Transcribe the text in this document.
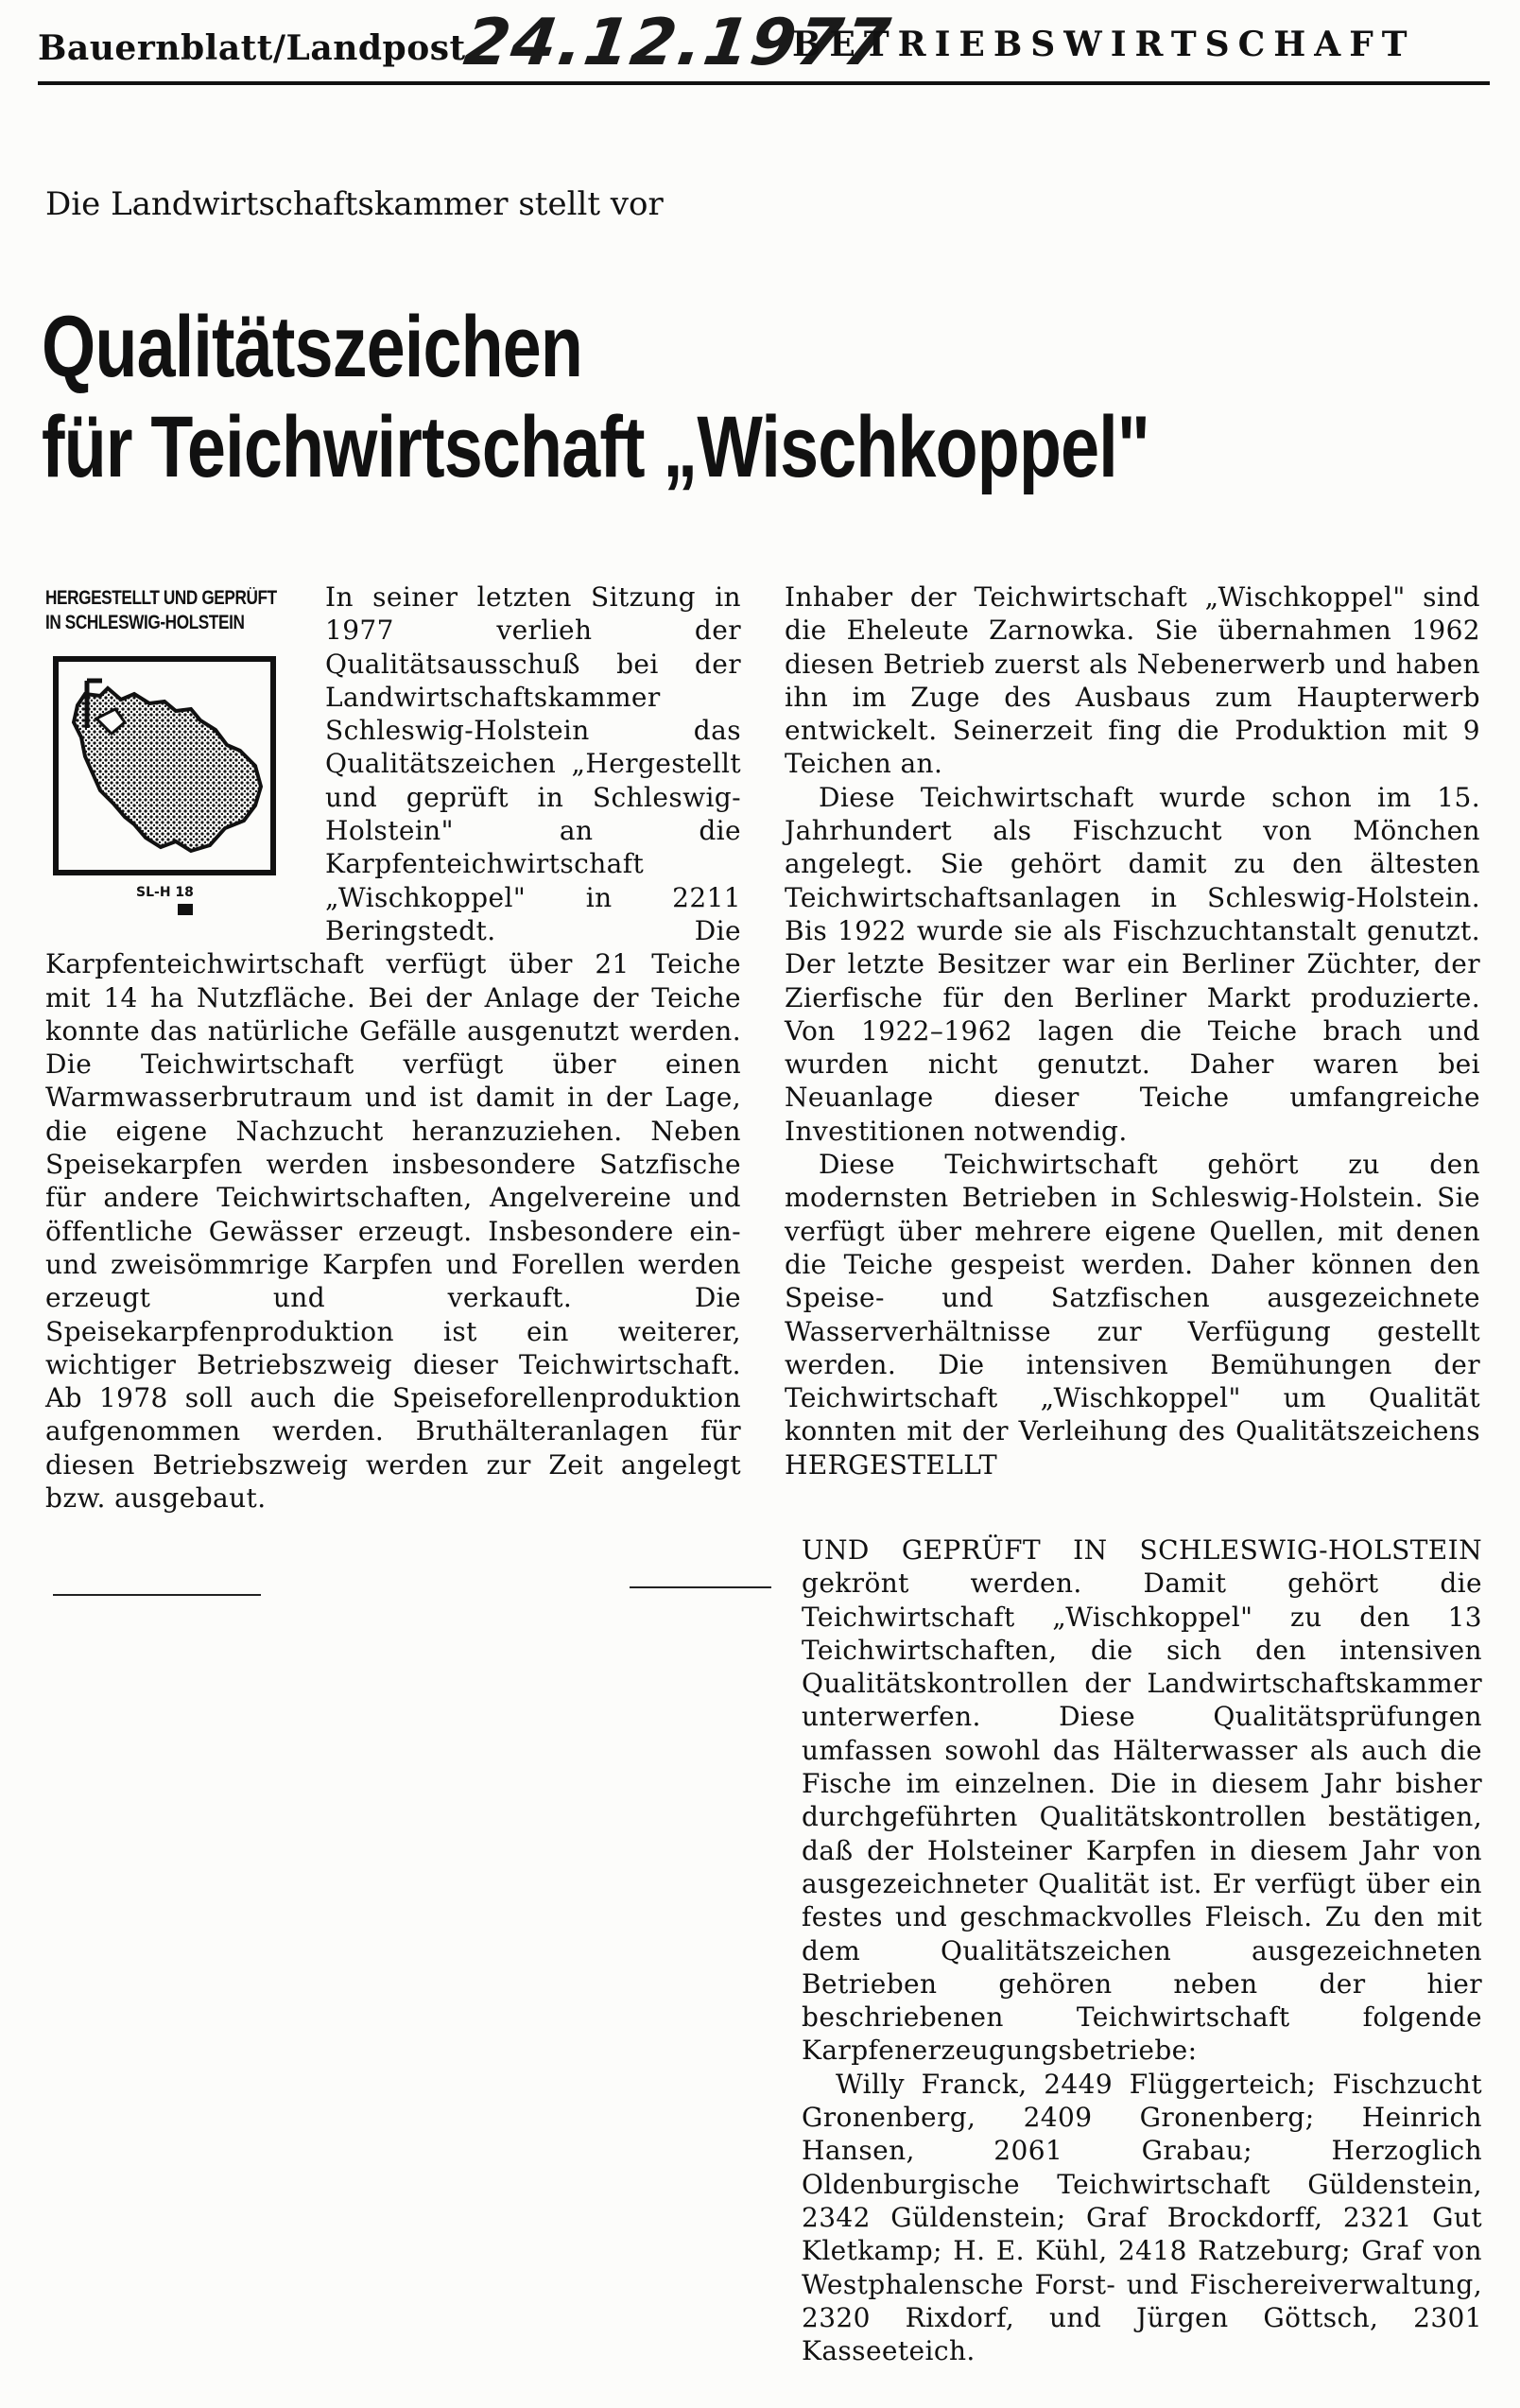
Bauernblatt/Landpost
24.12.1977
BETRIEBSWIRTSCHAFT
Die Landwirtschaftskammer stellt vor
Qualitätszeichen
für Teichwirtschaft „Wischkoppel"
HERGESTELLT UND GEPRÜFT
IN SCHLESWIG-HOLSTEIN
SL-H 18

In seiner letzten Sitzung in 1977 verlieh der Qualitätsausschuß bei der Landwirtschaftskammer Schleswig-Holstein das Qualitätszeichen „Hergestellt und geprüft in Schleswig-Holstein" an die Karpfenteichwirtschaft „Wischkoppel" in 2211 Beringstedt. Die Karpfenteichwirtschaft verfügt über 21 Teiche mit 14 ha Nutzfläche. Bei der Anlage der Teiche konnte das natürliche Gefälle ausgenutzt werden. Die Teichwirtschaft verfügt über einen Warmwasserbrutraum und ist damit in der Lage, die eigene Nachzucht heranzuziehen. Neben Speisekarpfen werden insbesondere Satzfische für andere Teichwirtschaften, Angelvereine und öffentliche Gewässer erzeugt. Insbesondere ein- und zweisömmrige Karpfen und Forellen werden erzeugt und verkauft. Die Speisekarpfenproduktion ist ein weiterer, wichtiger Betriebszweig dieser Teichwirtschaft. Ab 1978 soll auch die Speiseforellenproduktion aufgenommen werden. Bruthälteranlagen für diesen Betriebszweig werden zur Zeit angelegt bzw. ausgebaut.

Inhaber der Teichwirtschaft „Wischkoppel" sind die Eheleute Zarnowka. Sie übernahmen 1962 diesen Betrieb zuerst als Nebenerwerb und haben ihn im Zuge des Ausbaus zum Haupterwerb entwickelt. Seinerzeit fing die Produktion mit 9 Teichen an.

Diese Teichwirtschaft wurde schon im 15. Jahrhundert als Fischzucht von Mönchen angelegt. Sie gehört damit zu den ältesten Teichwirtschaftsanlagen in Schleswig-Holstein. Bis 1922 wurde sie als Fischzuchtanstalt genutzt. Der letzte Besitzer war ein Berliner Züchter, der Zierfische für den Berliner Markt produzierte. Von 1922–1962 lagen die Teiche brach und wurden nicht genutzt. Daher waren bei Neuanlage dieser Teiche umfangreiche Investitionen notwendig.

Diese Teichwirtschaft gehört zu den modernsten Betrieben in Schleswig-Holstein. Sie verfügt über mehrere eigene Quellen, mit denen die Teiche gespeist werden. Daher können den Speise- und Satzfischen ausgezeichnete Wasserverhältnisse zur Verfügung gestellt werden. Die intensiven Bemühungen der Teichwirtschaft „Wischkoppel" um Qualität konnten mit der Verleihung des Qualitätszeichens HERGESTELLT

UND GEPRÜFT IN SCHLESWIG-HOLSTEIN gekrönt werden. Damit gehört die Teichwirtschaft „Wischkoppel" zu den 13 Teichwirtschaften, die sich den intensiven Qualitätskontrollen der Landwirtschaftskammer unterwerfen. Diese Qualitätsprüfungen umfassen sowohl das Hälterwasser als auch die Fische im einzelnen. Die in diesem Jahr bisher durchgeführten Qualitätskontrollen bestätigen, daß der Holsteiner Karpfen in diesem Jahr von ausgezeichneter Qualität ist. Er verfügt über ein festes und geschmackvolles Fleisch. Zu den mit dem Qualitätszeichen ausgezeichneten Betrieben gehören neben der hier beschriebenen Teichwirtschaft folgende Karpfenerzeugungsbetriebe:

Willy Franck, 2449 Flüggerteich; Fischzucht Gronenberg, 2409 Gronenberg; Heinrich Hansen, 2061 Grabau; Herzoglich Oldenburgische Teichwirtschaft Güldenstein, 2342 Güldenstein; Graf Brockdorff, 2321 Gut Kletkamp; H. E. Kühl, 2418 Ratzeburg; Graf von Westphalensche Forst- und Fischereiverwaltung, 2320 Rixdorf, und Jürgen Göttsch, 2301 Kasseeteich.
